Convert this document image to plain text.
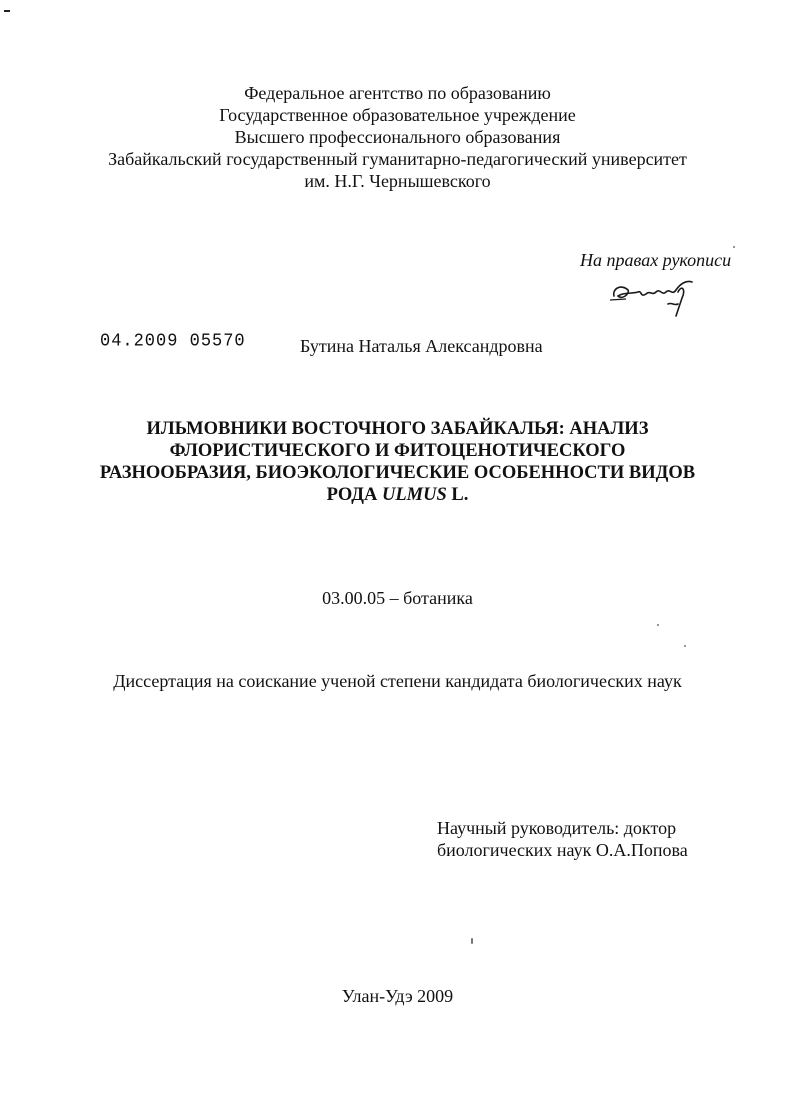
Федеральное агентство по образованию
Государственное образовательное учреждение
Высшего профессионального образования
Забайкальский государственный гуманитарно-педагогический университет
им. Н.Г. Чернышевского
На правах рукописи
04.2009 05570	Бутина Наталья Александровна
ИЛЬМОВНИКИ ВОСТОЧНОГО ЗАБАЙКАЛЬЯ: АНАЛИЗ
ФЛОРИСТИЧЕСКОГО И ФИТОЦЕНОТИЧЕСКОГО
РАЗНООБРАЗИЯ, БИОЭКОЛОГИЧЕСКИЕ ОСОБЕННОСТИ ВИДОВ
РОДА ULMUS L.
03.00.05 – ботаника
Диссертация на соискание ученой степени кандидата биологических наук
Научный руководитель: доктор
биологических наук О.А.Попова
Улан-Удэ 2009
